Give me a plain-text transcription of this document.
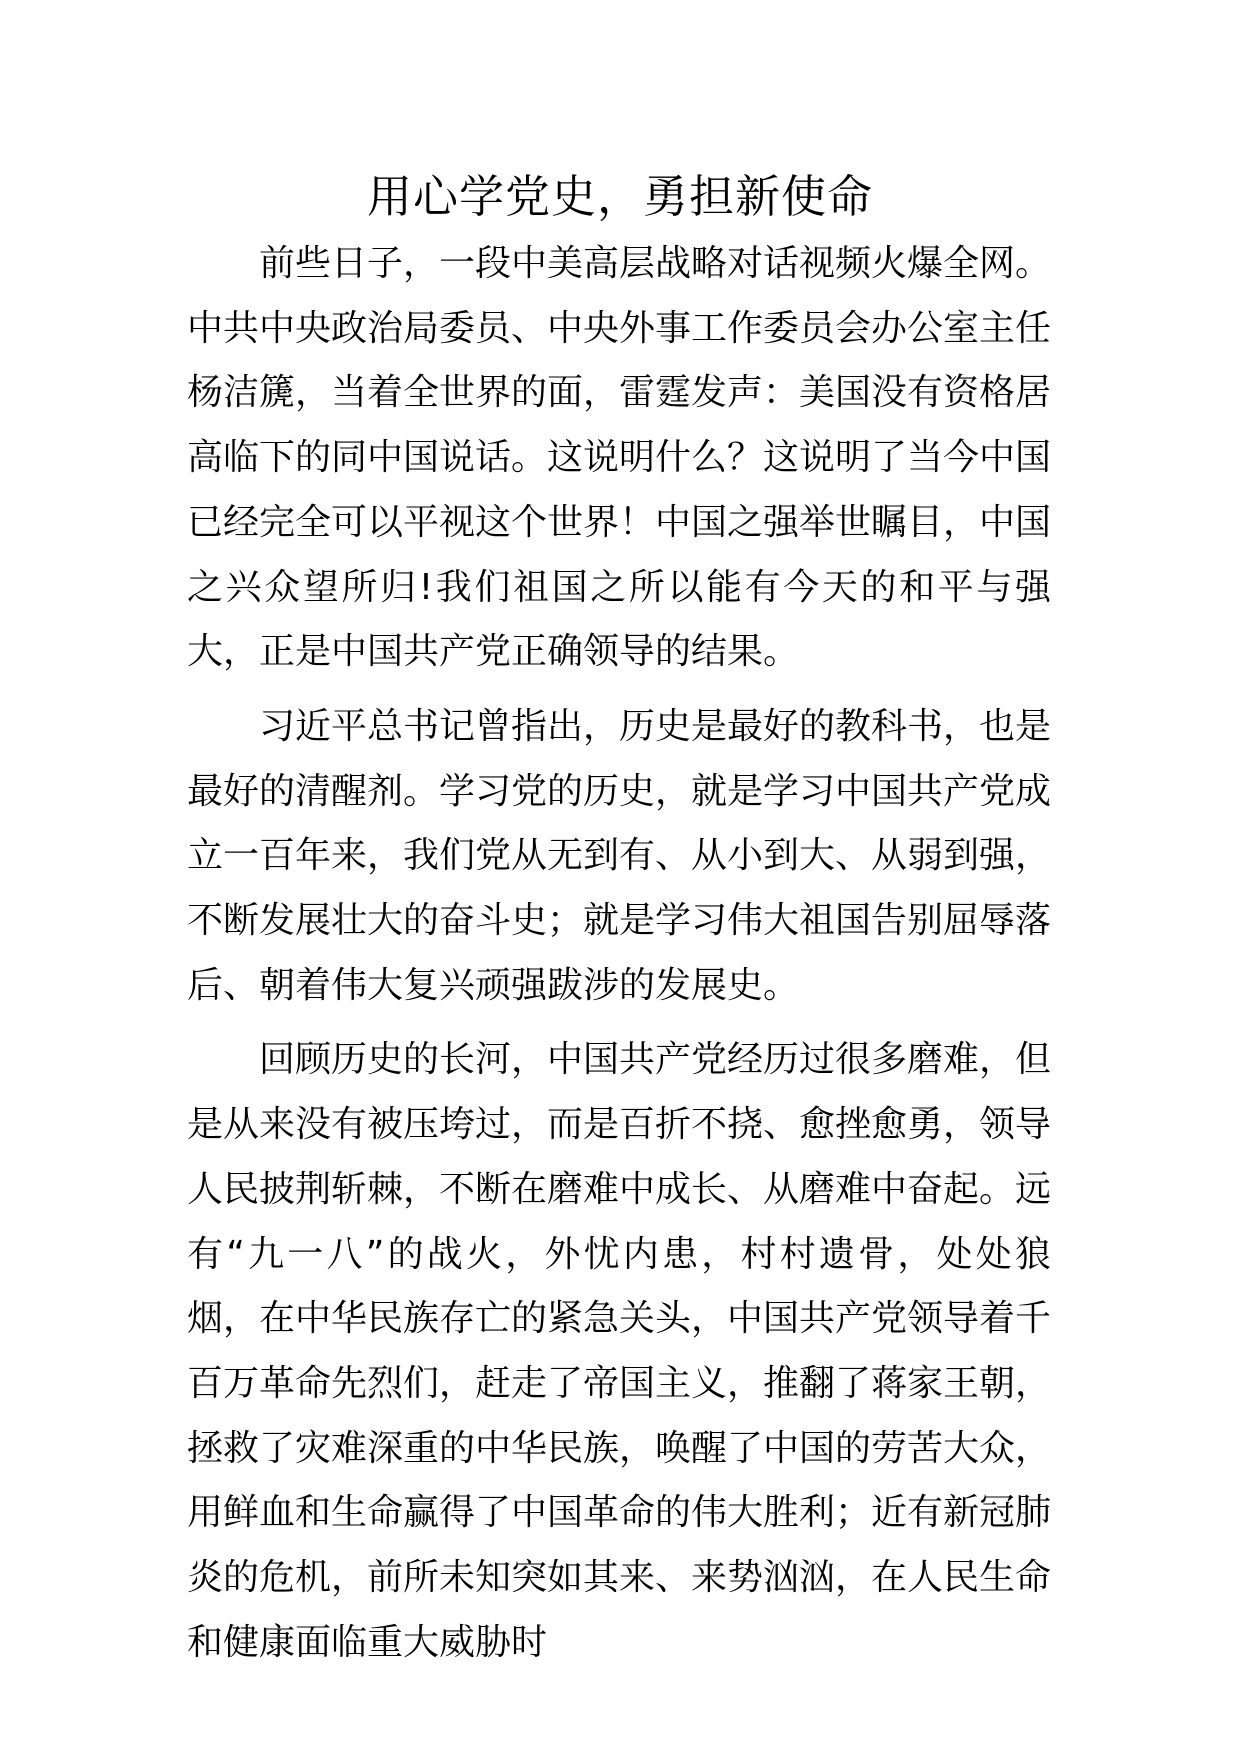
用心学党史，勇担新使命

前些日子，一段中美高层战略对话视频火爆全网。中共中央政治局委员、中央外事工作委员会办公室主任杨洁篪，当着全世界的面，雷霆发声：美国没有资格居高临下的同中国说话。这说明什么？这说明了当今中国已经完全可以平视这个世界！中国之强举世瞩目，中国之兴众望所归!我们祖国之所以能有今天的和平与强大，正是中国共产党正确领导的结果。

习近平总书记曾指出，历史是最好的教科书，也是最好的清醒剂。学习党的历史，就是学习中国共产党成立一百年来，我们党从无到有、从小到大、从弱到强，不断发展壮大的奋斗史；就是学习伟大祖国告别屈辱落后、朝着伟大复兴顽强跋涉的发展史。

回顾历史的长河，中国共产党经历过很多磨难，但是从来没有被压垮过，而是百折不挠、愈挫愈勇，领导人民披荆斩棘，不断在磨难中成长、从磨难中奋起。远有“九一八”的战火，外忧内患，村村遗骨，处处狼烟，在中华民族存亡的紧急关头，中国共产党领导着千百万革命先烈们，赶走了帝国主义，推翻了蒋家王朝，拯救了灾难深重的中华民族，唤醒了中国的劳苦大众，用鲜血和生命赢得了中国革命的伟大胜利；近有新冠肺炎的危机，前所未知突如其来、来势汹汹，在人民生命和健康面临重大威胁时
